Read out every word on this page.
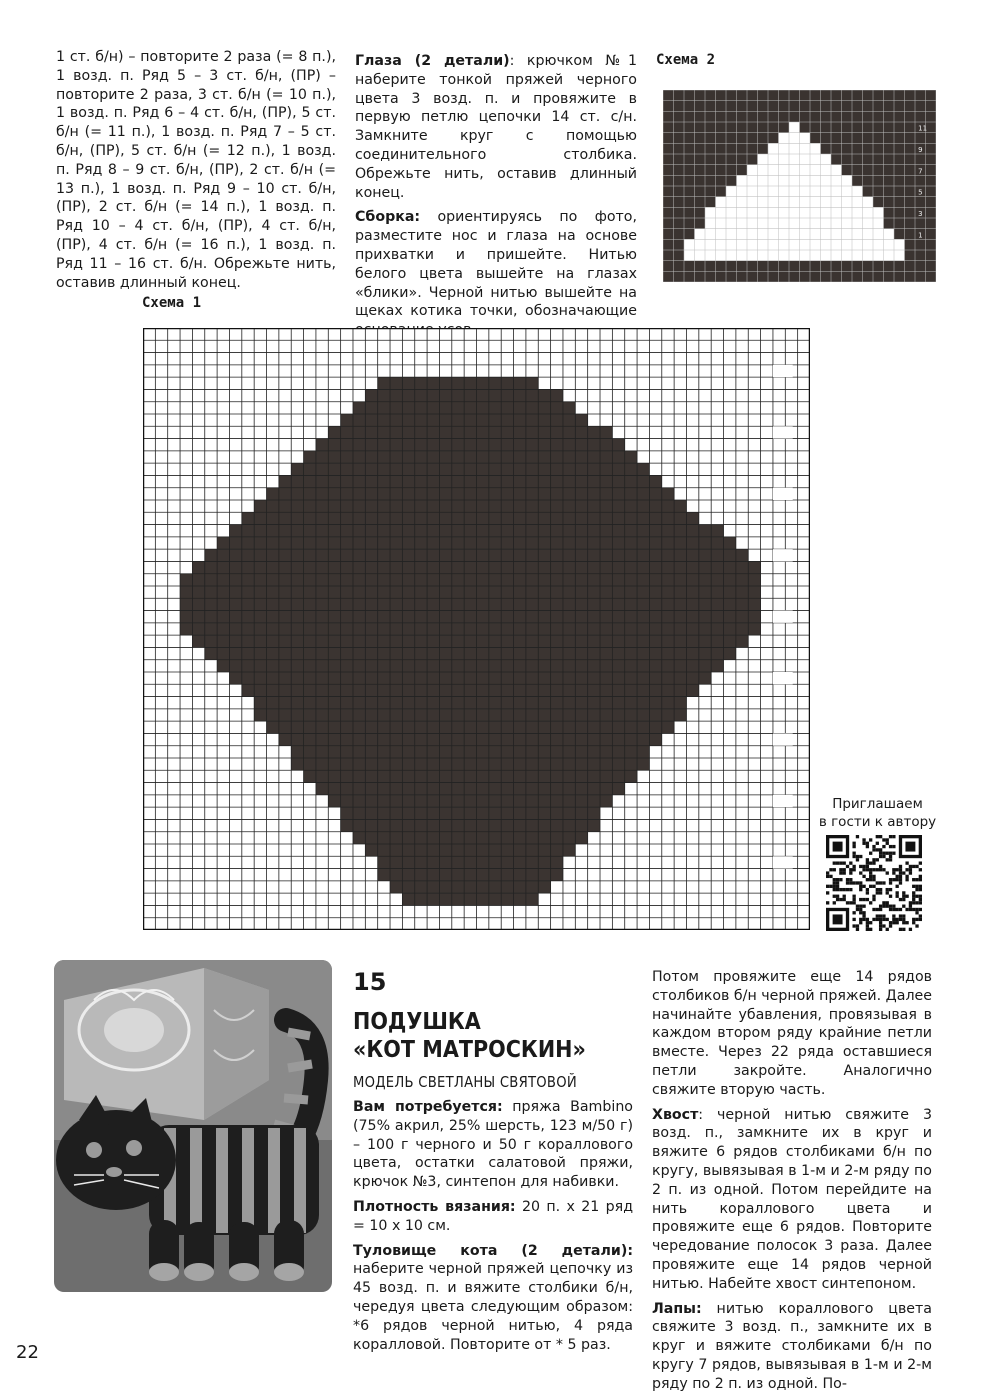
1 ст. б/н) – повторите 2 раза (= 8 п.), 1 возд. п. Ряд 5 – 3 ст. б/н, (ПР) – повторите 2 раза, 3 ст. б/н (= 10 п.), 1 возд. п. Ряд 6 – 4 ст. б/н, (ПР), 5 ст. б/н (= 11 п.), 1 возд. п. Ряд 7 – 5 ст. б/н, (ПР), 5 ст. б/н (= 12 п.), 1 возд. п. Ряд 8 – 9 ст. б/н, (ПР), 2 ст. б/н (= 13 п.), 1 возд. п. Ряд 9 – 10 ст. б/н, (ПР), 2 ст. б/н (= 14 п.), 1 возд. п. Ряд 10 – 4 ст. б/н, (ПР), 4 ст. б/н, (ПР), 4 ст. б/н (= 16 п.), 1 возд. п. Ряд 11 – 16 ст. б/н. Обрежьте нить, оставив длинный конец.

Глаза (2 детали): крючком №1 наберите тонкой пряжей черного цвета 3 возд. п. и провяжите в первую петлю цепочки 14 ст. с/н. Замкните круг с помощью соединительного столбика. Обрежьте нить, оставив длинный конец.

Сборка: ориентируясь по фото, разместите нос и глаза на основе прихватки и пришейте. Нитью белого цвета вышейте на глазах «блики». Черной нитью вышейте на щеках котика точки, обозначающие

Схема 2
11
9
7
5
3
1
Схема 1
Приглашаем
в гости к автору
15
ПОДУШКА
«КОТ МАТРОСКИН»
МОДЕЛЬ СВЕТЛАНЫ СВЯТОВОЙ

Вам потребуется: пряжа Bambino (75% акрил, 25% шерсть, 123 м/50 г) – 100 г черного и 50 г кораллового цвета, остатки салатовой пряжи, крючок №3, синтепон для набивки.

Плотность вязания: 20 п. х 21 ряд = 10 х 10 см.

Туловище кота (2 детали): наберите черной пряжей цепочку из 45 возд. п. и вяжите столбики б/н, чередуя цвета следующим образом: *6 рядов черной нитью, 4 ряда коралловой. Повторите от * 5 раз.

Потом провяжите еще 14 рядов столбиков б/н черной пряжей. Далее начинайте убавления, провязывая в каждом втором ряду крайние петли вместе. Через 22 ряда оставшиеся петли закройте. Аналогично свяжите вторую часть.

Хвост: черной нитью свяжите 3 возд. п., замкните их в круг и вяжите 6 рядов столбиками б/н по кругу, вывязывая в 1-м и 2-м ряду по 2 п. из одной. Потом перейдите на нить кораллового цвета и провяжите еще 6 рядов. Повторите чередование полосок 3 раза. Далее провяжите еще 14 рядов черной нитью. Набейте хвост синтепоном.

Лапы: нитью кораллового цвета свяжите 3 возд. п., замкните их в круг и вяжите столбиками б/н по кругу 7 рядов, вывязывая в 1-м и 2-м ряду по 2 п. из одной. По-

22
